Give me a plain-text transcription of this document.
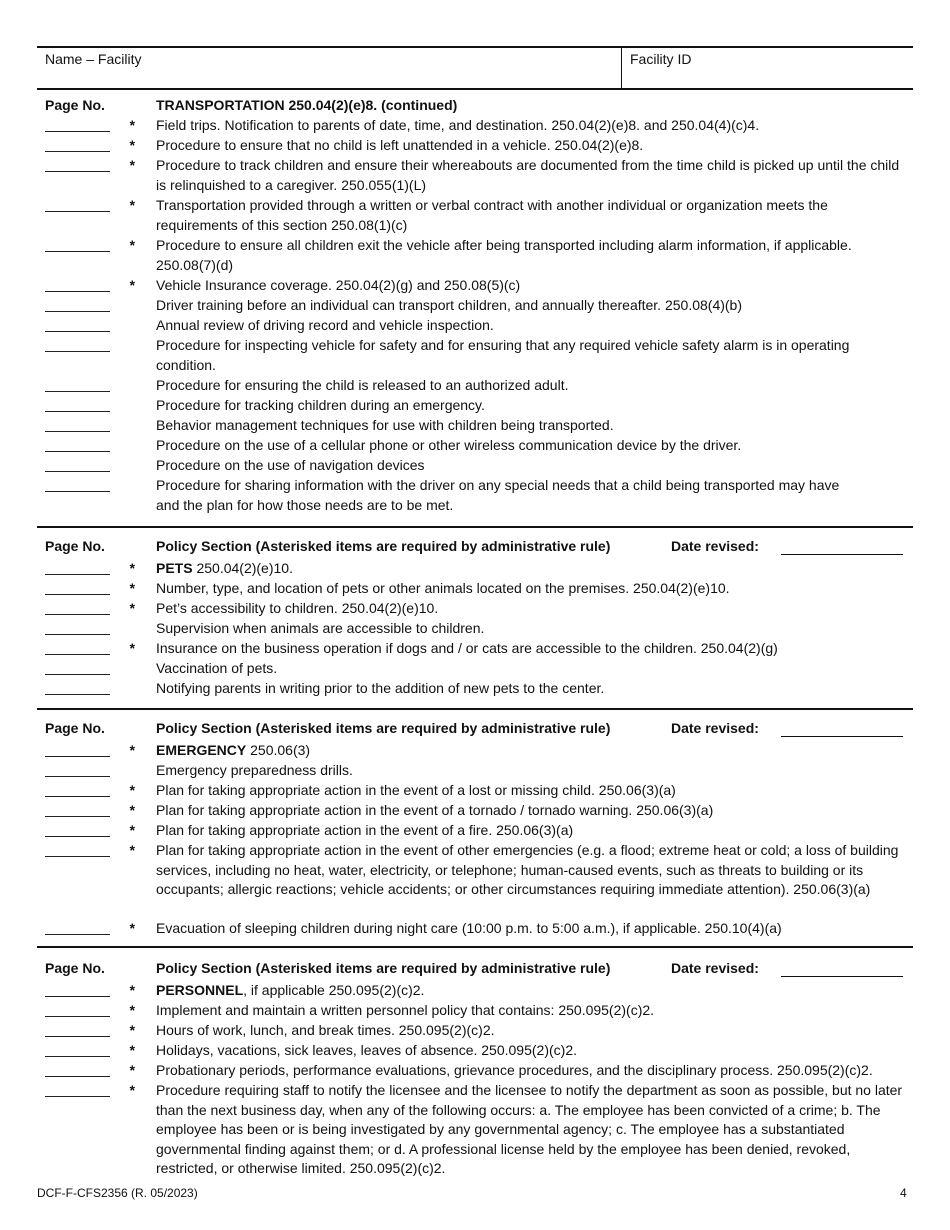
Name – Facility	Facility ID
Page No.	TRANSPORTATION 250.04(2)(e)8. (continued)
* Field trips. Notification to parents of date, time, and destination. 250.04(2)(e)8. and 250.04(4)(c)4.
* Procedure to ensure that no child is left unattended in a vehicle. 250.04(2)(e)8.
* Procedure to track children and ensure their whereabouts are documented from the time child is picked up until the child is relinquished to a caregiver. 250.055(1)(L)
* Transportation provided through a written or verbal contract with another individual or organization meets the requirements of this section 250.08(1)(c)
* Procedure to ensure all children exit the vehicle after being transported including alarm information, if applicable. 250.08(7)(d)
* Vehicle Insurance coverage. 250.04(2)(g) and 250.08(5)(c)
Driver training before an individual can transport children, and annually thereafter. 250.08(4)(b)
Annual review of driving record and vehicle inspection.
Procedure for inspecting vehicle for safety and for ensuring that any required vehicle safety alarm is in operating condition.
Procedure for ensuring the child is released to an authorized adult.
Procedure for tracking children during an emergency.
Behavior management techniques for use with children being transported.
Procedure on the use of a cellular phone or other wireless communication device by the driver.
Procedure on the use of navigation devices
Procedure for sharing information with the driver on any special needs that a child being transported may have and the plan for how those needs are to be met.
Page No.	Policy Section (Asterisked items are required by administrative rule)	Date revised:
* PETS 250.04(2)(e)10.
* Number, type, and location of pets or other animals located on the premises. 250.04(2)(e)10.
* Pet’s accessibility to children. 250.04(2)(e)10.
Supervision when animals are accessible to children.
* Insurance on the business operation if dogs and / or cats are accessible to the children. 250.04(2)(g)
Vaccination of pets.
Notifying parents in writing prior to the addition of new pets to the center.
Page No.	Policy Section (Asterisked items are required by administrative rule)	Date revised:
* EMERGENCY 250.06(3)
Emergency preparedness drills.
* Plan for taking appropriate action in the event of a lost or missing child. 250.06(3)(a)
* Plan for taking appropriate action in the event of a tornado / tornado warning. 250.06(3)(a)
* Plan for taking appropriate action in the event of a fire. 250.06(3)(a)
* Plan for taking appropriate action in the event of other emergencies (e.g. a flood; extreme heat or cold; a loss of building services, including no heat, water, electricity, or telephone; human-caused events, such as threats to building or its occupants; allergic reactions; vehicle accidents; or other circumstances requiring immediate attention). 250.06(3)(a)
* Evacuation of sleeping children during night care (10:00 p.m. to 5:00 a.m.), if applicable. 250.10(4)(a)
Page No.	Policy Section (Asterisked items are required by administrative rule)	Date revised:
* PERSONNEL, if applicable 250.095(2)(c)2.
* Implement and maintain a written personnel policy that contains: 250.095(2)(c)2.
* Hours of work, lunch, and break times. 250.095(2)(c)2.
* Holidays, vacations, sick leaves, leaves of absence. 250.095(2)(c)2.
* Probationary periods, performance evaluations, grievance procedures, and the disciplinary process. 250.095(2)(c)2.
* Procedure requiring staff to notify the licensee and the licensee to notify the department as soon as possible, but no later than the next business day, when any of the following occurs: a. The employee has been convicted of a crime; b. The employee has been or is being investigated by any governmental agency; c. The employee has a substantiated governmental finding against them; or d. A professional license held by the employee has been denied, revoked, restricted, or otherwise limited. 250.095(2)(c)2.
DCF-F-CFS2356 (R. 05/2023)	4
